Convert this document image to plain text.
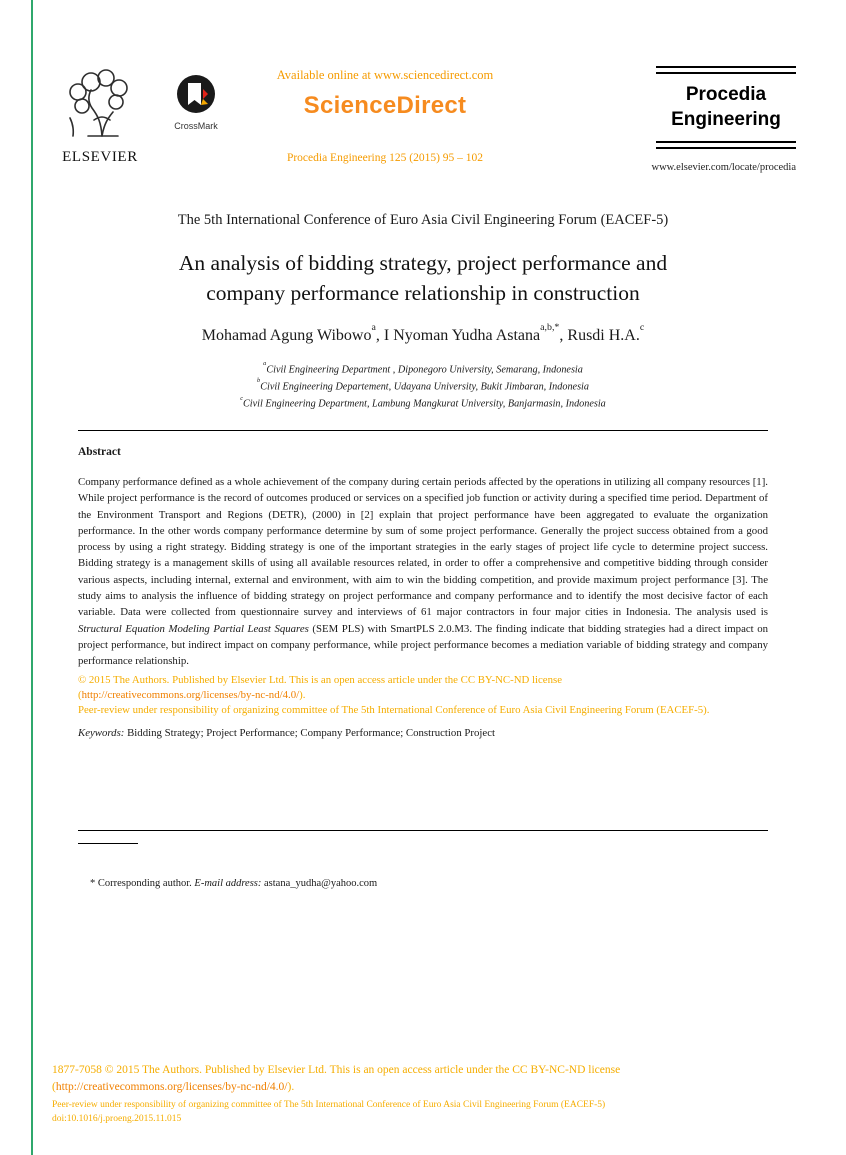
ELSEVIER
CrossMark
Available online at www.sciencedirect.com
ScienceDirect
Procedia Engineering 125 (2015) 95 – 102
Procedia
Engineering
www.elsevier.com/locate/procedia
The 5th International Conference of Euro Asia Civil Engineering Forum (EACEF-5)
An analysis of bidding strategy, project performance and
company performance relationship in construction
Mohamad Agung Wibowo$^a$, I Nyoman Yudha Astana$^{a,b,*}$, Rusdi H.A.$^c$
$^a$Civil Engineering Department , Diponegoro University, Semarang, Indonesia
$^b$Civil Engineering Departement, Udayana University, Bukit Jimbaran, Indonesia
$^c$Civil Engineering Department, Lambung Mangkurat University, Banjarmasin, Indonesia
Abstract

Company performance defined as a whole achievement of the company during certain periods affected by the operations in utilizing all company resources [1]. While project performance is the record of outcomes produced or services on a specified job function or activity during a specified time period. Department of the Environment Transport and Regions (DETR), (2000) in [2] explain that project performance have been aggregated to evaluate the organization performance. In the other words company performance determine by sum of some project performance. Generally the project success obtained from a good process by using a right strategy. Bidding strategy is one of the important strategies in the early stages of project life cycle to determine project success. Bidding strategy is a management skills of using all available resources related, in order to offer a comprehensive and competitive bidding through consider various aspects, including internal, external and environment, with aim to win the bidding competition, and provide maximum project performance [3]. The study aims to analysis the influence of bidding strategy on project performance and company performance and to identify the most decisive factor of each variable. Data were collected from questionnaire survey and interviews of 61 major contractors in four major cities in Indonesia. The analysis used is Structural Equation Modeling Partial Least Squares (SEM PLS) with SmartPLS 2.0.M3. The finding indicate that bidding strategies had a direct impact on project performance, but indirect impact on company performance, while project performance becomes a mediation variable of bidding strategy and company performance relationship.

© 2015 The Authors. Published by Elsevier Ltd. This is an open access article under the CC BY-NC-ND license
(http://creativecommons.org/licenses/by-nc-nd/4.0/).
Peer-review under responsibility of organizing committee of The 5th International Conference of Euro Asia Civil Engineering Forum (EACEF-5).

Keywords: Bidding Strategy; Project Performance; Company Performance; Construction Project

* Corresponding author. E-mail address: astana_yudha@yahoo.com

1877-7058 © 2015 The Authors. Published by Elsevier Ltd. This is an open access article under the CC BY-NC-ND license
(http://creativecommons.org/licenses/by-nc-nd/4.0/).
Peer-review under responsibility of organizing committee of The 5th International Conference of Euro Asia Civil Engineering Forum (EACEF-5)
doi:10.1016/j.proeng.2015.11.015
